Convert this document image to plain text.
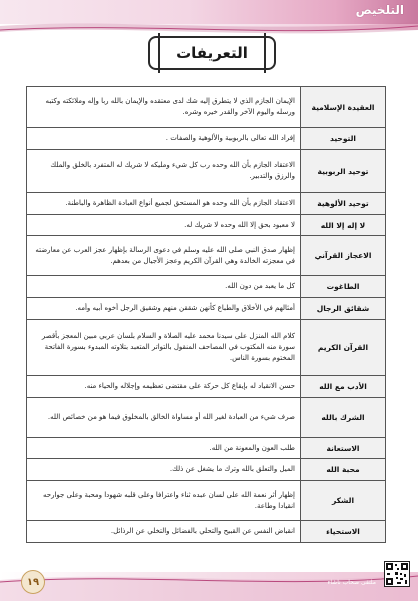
التلخيص
التعريفات
العقيدة الإسلامية	الإيمان الجازم الذي لا يتطرق إليه شك لدى معتقده والإيمان بالله ربا وإله وملائكته وكتبه ورسله واليوم الآخر والقدر خيره وشره.
التوحيد	إفراد الله تعالى بالربوبية والألوهية والصفات .
توحيد الربوبية	الاعتقاد الجازم بأن الله وحده رب كل شيء ومليكه لا شريك له المتفرد بالخلق والملك والرزق والتدبير.
توحيد الألوهية	الاعتقاد الجازم بأن الله وحده هو المستحق لجميع أنواع العبادة الظاهرة والباطنة.
لا إله إلا الله	لا معبود بحق إلا الله وحده لا شريك له.
الاعجاز القرآني	إظهار صدق النبي صلى الله عليه وسلم في دعوى الرسالة بإظهار عجز العرب عن معارضته في معجزته الخالدة وهي القرآن الكريم وعجز الأجيال من بعدهم.
الطاغوت	كل ما يعبد من دون الله.
شقائق الرجال	أمثالهم في الأخلاق والطباع كأنهن شققن منهم وشقيق الرجل أخوه أبيه وأمه.
القرآن الكريم	كلام الله المنزل على سيدنا محمد عليه الصلاة و السلام بلسان عربي مبين المعجز بأقصر سورة منه المكتوب في المصاحف المنقول بالتواتر المتعبد بتلاوته المبدوء بسورة الفاتحة المختوم بسورة الناس.
الأدب مع الله	حسن الانقياد له بإيقاع كل حركة على مقتضى تعظيمه وإجلاله والحياء منه.
الشرك بالله	صرف شيء من العبادة لغير الله أو مساواة الخالق بالمخلوق فيما هو من خصائص الله.
الاستعانة	طلب العون والمعونة من الله.
محبة الله	الميل والتعلق بالله وترك ما يشغل عن ذلك.
الشكر	إظهار أثر نعمة الله على لسان عبده ثناء واعترافا وعلى قلبه شهودا ومحبة وعلى جوارحه انقيادا وطاعة.
الاستحياء	انقباض النفس عن القبيح والتحلي بالفضائل والتخلي عن الرذائل.
١٩	ملتقى صحاب ناشاء
